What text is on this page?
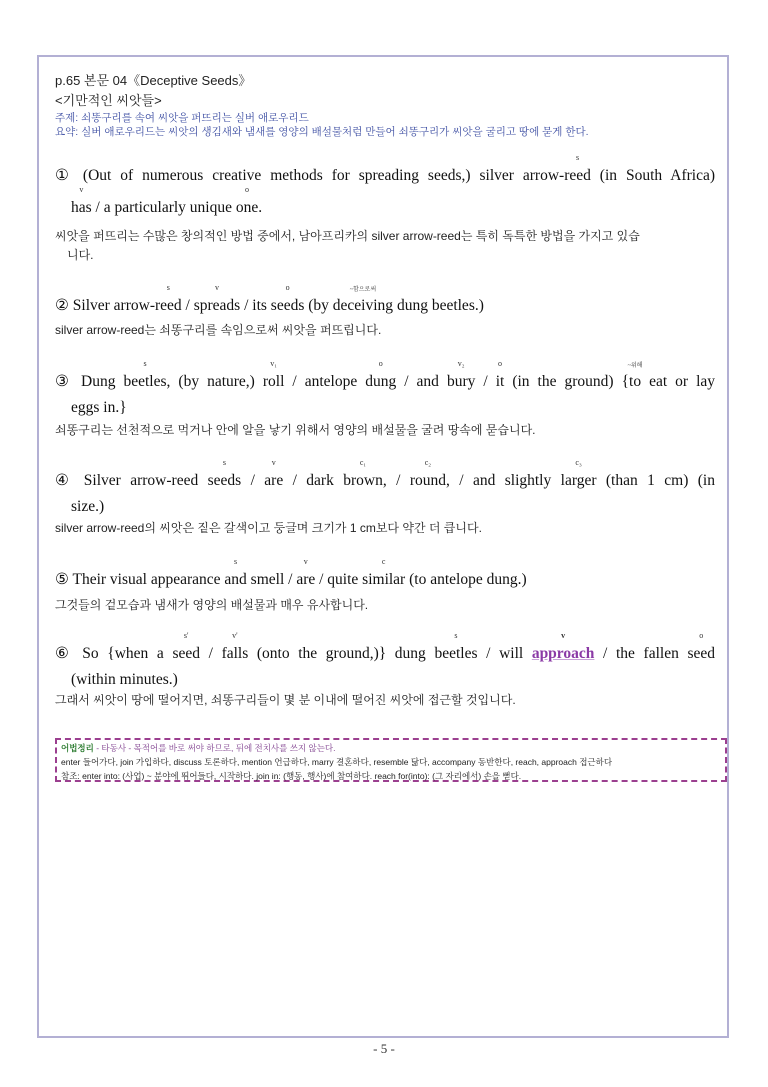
p.65 본문 04《Deceptive Seeds》
<기만적인 씨앗들>
주제: 쇠똥구리를 속여 씨앗을 퍼뜨리는 실버 애로우리드
요약: 실버 애로우리드는 씨앗의 생김새와 냄새를 영양의 배설물처럼 만들어 쇠똥구리가 씨앗을 굴리고 땅에 묻게 한다.
① (Out of numerous creative methods for spreading seeds,) silver arrow-
s
reed (in South Africa)
v
has / a particularly unique
o
one.
씨앗을 퍼뜨리는 수많은 창의적인 방법 중에서, 남아프리카의 silver arrow-reed는 특히 독특한 방법을 가지고 있습
니다.
② Silver arrow-
s
reed /
v
spreads / its
o
seeds (by
~함으로써
deceiving dung beetles.)
silver arrow-reed는 쇠똥구리를 속임으로써 씨앗을 퍼뜨립니다.
③ Dung
s
beetles, (by nature,)
v₁
roll / antelope
o
dung / and
v₂
bury /
o
it (in the ground) {
~위해
to eat or lay
eggs in.}
쇠똥구리는 선천적으로 먹거나 안에 알을 낳기 위해서 영양의 배설물을 굴려 땅속에 묻습니다.
④ Silver arrow-reed
s
seeds /
v
are / dark
c₁
brown, /
c₂
round, / and slightly
c₃
larger (than 1 cm) (in
size.)
silver arrow-reed의 씨앗은 짙은 갈색이고 둥글며 크기가 1 cm보다 약간 더 큽니다.
⑤ Their visual appearance
s
and smell /
v
are / quite
c
similar (to antelope dung.)
그것들의 겉모습과 냄새가 영양의 배설물과 매우 유사합니다.
⑥ So {when a
s'
seed /
v'
falls (onto the ground,)} dung
s
beetles / will
v
approach / the fallen
o
seed
(within minutes.)
그래서 씨앗이 땅에 떨어지면, 쇠똥구리들이 몇 분 이내에 떨어진 씨앗에 접근할 것입니다.
어법정리 - 타동사 - 목적어를 바로 써야 하므로, 뒤에 전치사를 쓰지 않는다.
enter 들어가다, join 가입하다, discuss 토론하다, mention 언급하다, marry 결혼하다, resemble 닮다, accompany 동반한다, reach, approach 접근하다
참조: enter into: (사업) ~ 분야에 뛰어들다, 시작하다. join in: (행동, 행사)에 참여하다. reach for(into): (그 자리에서) 손을 뻗다.
- 5 -
